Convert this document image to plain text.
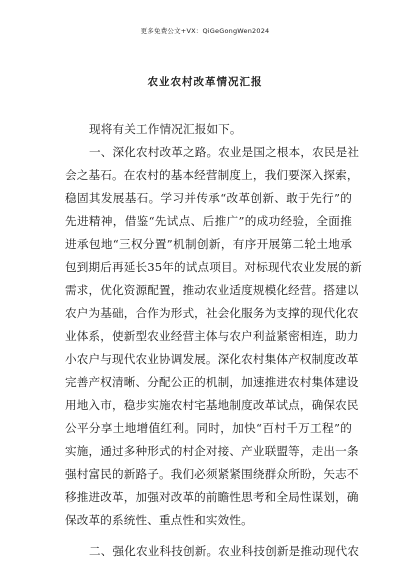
更多免费公文+VX：QiGeGongWen2024
农业农村改革情况汇报
现将有关工作情况汇报如下。
一、深化农村改革之路。农业是国之根本，农民是社
会之基石。在农村的基本经营制度上，我们要深入探索，
稳固其发展基石。学习并传承“改革创新、敢于先行”的
先进精神，借鉴“先试点、后推广”的成功经验，全面推
进承包地“三权分置”机制创新，有序开展第二轮土地承
包到期后再延长35年的试点项目。对标现代农业发展的新
需求，优化资源配置，推动农业适度规模化经营。搭建以
农户为基础，合作为形式，社会化服务为支撑的现代化农
业体系，使新型农业经营主体与农户利益紧密相连，助力
小农户与现代农业协调发展。深化农村集体产权制度改革
完善产权清晰、分配公正的机制，加速推进农村集体建设
用地入市，稳步实施农村宅基地制度改革试点，确保农民
公平分享土地增值红利。同时，加快“百村千万工程”的
实施，通过多种形式的村企对接、产业联盟等，走出一条
强村富民的新路子。我们必须紧紧围绕群众所盼，矢志不
移推进改革，加强对改革的前瞻性思考和全局性谋划，确
保改革的系统性、重点性和实效性。
二、强化农业科技创新。农业科技创新是推动现代农
